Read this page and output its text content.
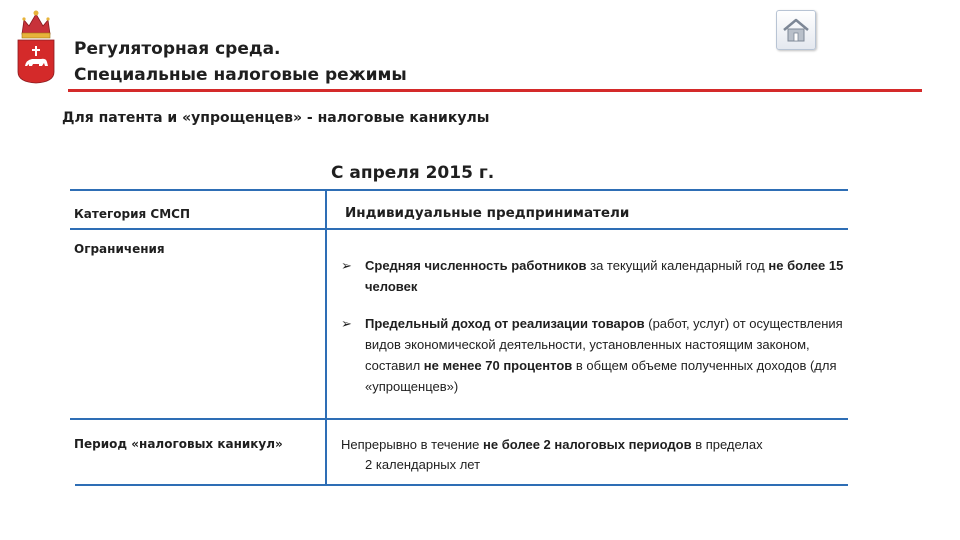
Регуляторная среда.
Специальные налоговые режимы
Для патента и «упрощенцев» - налоговые каникулы
С апреля 2015 г.
Категория СМСП	Индивидуальные предприниматели
Ограничения
➢	Средняя численность работников за текущий календарный год не более 15 человек
➢	Предельный доход от реализации товаров (работ, услуг) от осуществления видов экономической деятельности, установленных настоящим законом, составил не менее 70 процентов в общем объеме полученных доходов (для «упрощенцев»)
Период «налоговых каникул»	Непрерывно в течение не более 2 налоговых периодов в пределах
2 календарных лет
